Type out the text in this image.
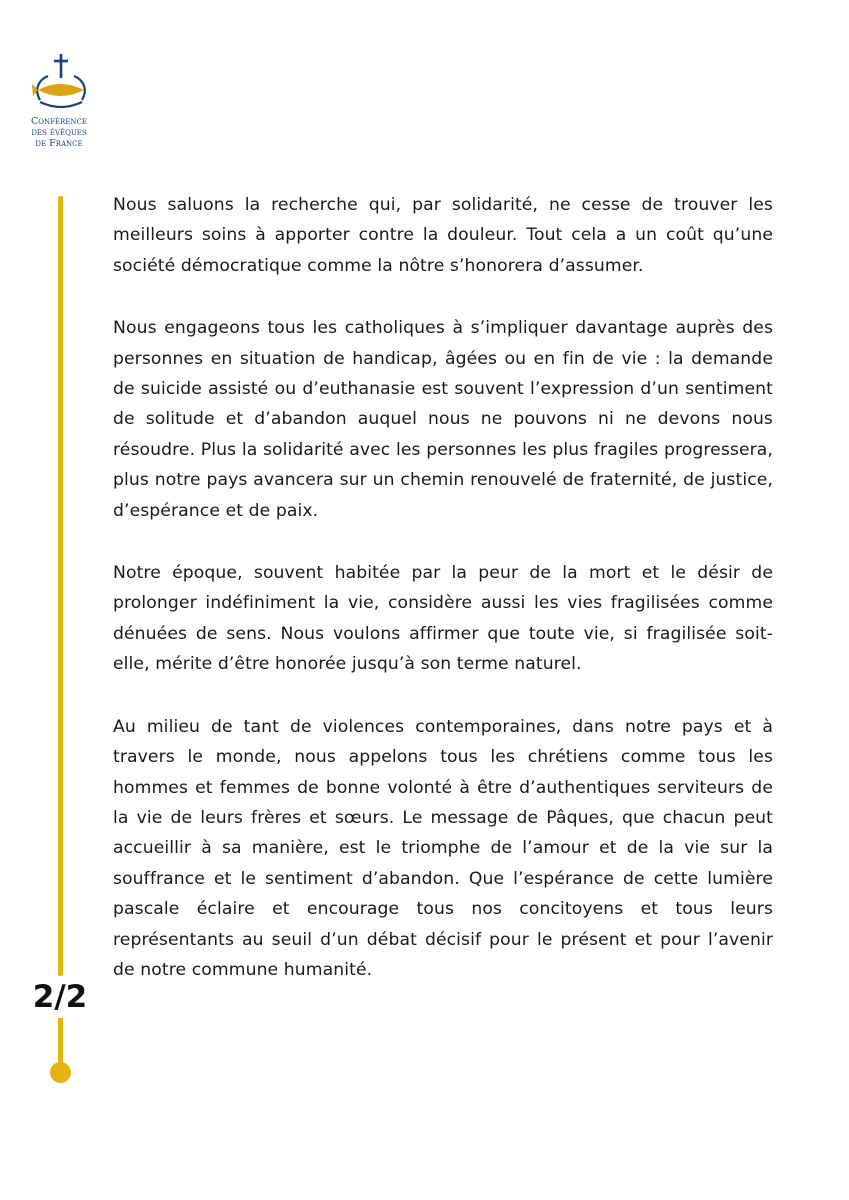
Conférence
des évêques
de France
2/2

Nous saluons la recherche qui, par solidarité, ne cesse de trouver les meilleurs soins à apporter contre la douleur. Tout cela a un coût qu’une société démocratique comme la nôtre s’honorera d’assumer.

Nous engageons tous les catholiques à s’impliquer davantage auprès des personnes en situation de handicap, âgées ou en fin de vie : la demande de suicide assisté ou d’euthanasie est souvent l’expression d’un sentiment de solitude et d’abandon auquel nous ne pouvons ni ne devons nous résoudre. Plus la solidarité avec les personnes les plus fragiles progressera, plus notre pays avancera sur un chemin renouvelé de fraternité, de justice, d’espérance et de paix.

Notre époque, souvent habitée par la peur de la mort et le désir de prolonger indéfiniment la vie, considère aussi les vies fragilisées comme dénuées de sens. Nous voulons affirmer que toute vie, si fragilisée soit-elle, mérite d’être honorée jusqu’à son terme naturel.

Au milieu de tant de violences contemporaines, dans notre pays et à travers le monde, nous appelons tous les chrétiens comme tous les hommes et femmes de bonne volonté à être d’authentiques serviteurs de la vie de leurs frères et sœurs. Le message de Pâques, que chacun peut accueillir à sa manière, est le triomphe de l’amour et de la vie sur la souffrance et le sentiment d’abandon. Que l’espérance de cette lumière pascale éclaire et encourage tous nos concitoyens et tous leurs représentants au seuil d’un débat décisif pour le présent et pour l’avenir de notre commune humanité.
